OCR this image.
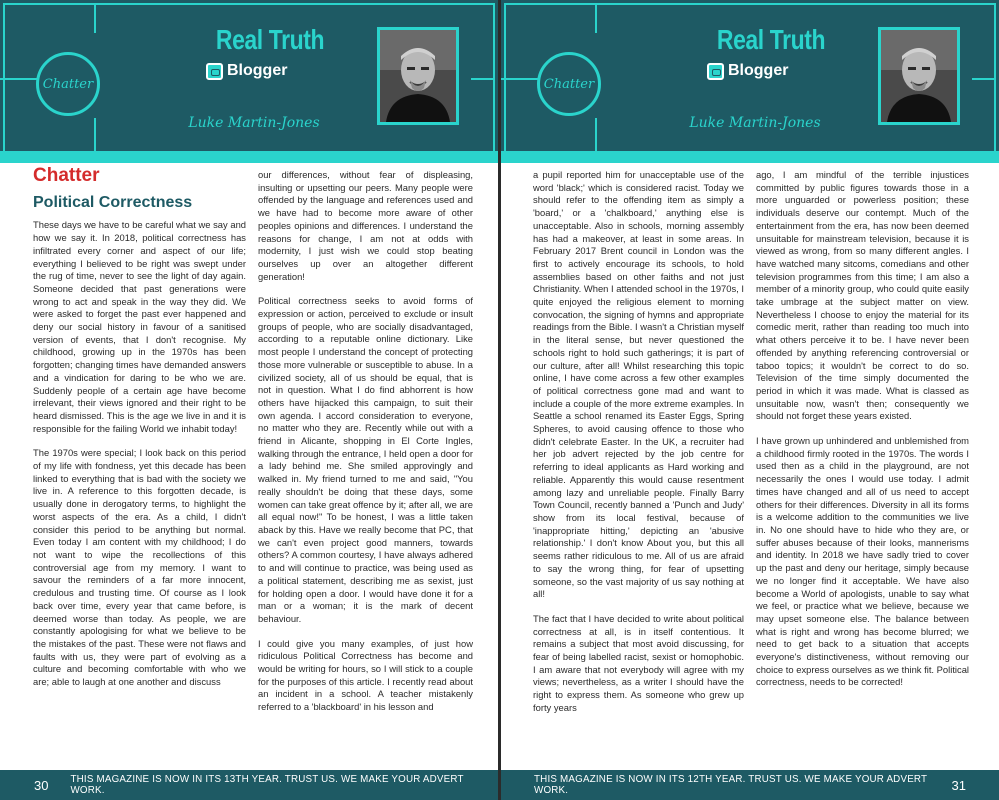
Chatter
Real Truth
Blogger
Luke Martin-Jones
Chatter
Political Correctness

These days we have to be careful what we say and how we say it. In 2018, political correctness has infiltrated every corner and aspect of our life; everything I believed to be right was swept under the rug of time, never to see the light of day again. Someone decided that past generations were wrong to act and speak in the way they did. We were asked to forget the past ever happened and deny our social history in favour of a sanitised version of events, that I don't recognise. My childhood, growing up in the 1970s has been forgotten; changing times have demanded answers and a vindication for daring to be who we are. Suddenly people of a certain age have become irrelevant, their views ignored and their right to be heard dismissed. This is the age we live in and it is responsible for the failing World we inhabit today!

The 1970s were special; I look back on this period of my life with fondness, yet this decade has been linked to everything that is bad with the society we live in. A reference to this forgotten decade, is usually done in derogatory terms, to highlight the worst aspects of the era. As a child, I didn't consider this period to be anything but normal. Even today I am content with my childhood; I do not want to wipe the recollections of this controversial age from my memory. I want to savour the reminders of a far more innocent, credulous and trusting time. Of course as I look back over time, every year that came before, is deemed worse than today. As people, we are constantly apologising for what we believe to be the mistakes of the past. These were not flaws and faults with us, they were part of evolving as a culture and becoming comfortable with who we are; able to laugh at one another and discuss

our differences, without fear of displeasing, insulting or upsetting our peers. Many people were offended by the language and references used and we have had to become more aware of other peoples opinions and differences. I understand the reasons for change, I am not at odds with modernity, I just wish we could stop beating ourselves up over an altogether different generation!

Political correctness seeks to avoid forms of expression or action, perceived to exclude or insult groups of people, who are socially disadvantaged, according to a reputable online dictionary. Like most people I understand the concept of protecting those more vulnerable or susceptible to abuse. In a civilized society, all of us should be equal, that is not in question. What I do find abhorrent is how others have hijacked this campaign, to suit their own agenda. I accord consideration to everyone, no matter who they are. Recently while out with a friend in Alicante, shopping in El Corte Ingles, walking through the entrance, I held open a door for a lady behind me. She smiled approvingly and walked in. My friend turned to me and said, "You really shouldn't be doing that these days, some women can take great offence by it; after all, we are all equal now!" To be honest, I was a little taken aback by this. Have we really become that PC, that we can't even project good manners, towards others? A common courtesy, I have always adhered to and will continue to practice, was being used as a political statement, describing me as sexist, just for holding open a door. I would have done it for a man or a woman; it is the mark of decent behaviour.

I could give you many examples, of just how ridiculous Political Correctness has become and would be writing for hours, so I will stick to a couple for the purposes of this article. I recently read about an incident in a school. A teacher mistakenly referred to a 'blackboard' in his lesson and

30 THIS MAGAZINE IS NOW IN ITS 13TH YEAR. TRUST US. WE MAKE YOUR ADVERT WORK.
Chatter
Real Truth
Blogger
Luke Martin-Jones

a pupil reported him for unacceptable use of the word 'black;' which is considered racist. Today we should refer to the offending item as simply a 'board,' or a 'chalkboard,' anything else is unacceptable. Also in schools, morning assembly has had a makeover, at least in some areas. In February 2017 Brent council in London was the first to actively encourage its schools, to hold assemblies based on other faiths and not just Christianity. When I attended school in the 1970s, I quite enjoyed the religious element to morning convocation, the signing of hymns and appropriate readings from the Bible. I wasn't a Christian myself in the literal sense, but never questioned the schools right to hold such gatherings; it is part of our culture, after all! Whilst researching this topic online, I have come across a few other examples of political correctness gone mad and want to include a couple of the more extreme examples. In Seattle a school renamed its Easter Eggs, Spring Spheres, to avoid causing offence to those who didn't celebrate Easter. In the UK, a recruiter had her job advert rejected by the job centre for referring to ideal applicants as Hard working and reliable. Apparently this would cause resentment among lazy and unreliable people. Finally Barry Town Council, recently banned a 'Punch and Judy' show from its local festival, because of 'inappropriate hitting,' depicting an 'abusive relationship.' I don't know About you, but this all seems rather ridiculous to me. All of us are afraid to say the wrong thing, for fear of upsetting someone, so the vast majority of us say nothing at all!

The fact that I have decided to write about political correctness at all, is in itself contentious. It remains a subject that most avoid discussing, for fear of being labelled racist, sexist or homophobic. I am aware that not everybody will agree with my views; nevertheless, as a writer I should have the right to express them. As someone who grew up forty years

ago, I am mindful of the terrible injustices committed by public figures towards those in a more unguarded or powerless position; these individuals deserve our contempt. Much of the entertainment from the era, has now been deemed unsuitable for mainstream television, because it is viewed as wrong, from so many different angles. I have watched many sitcoms, comedians and other television programmes from this time; I am also a member of a minority group, who could quite easily take umbrage at the subject matter on view. Nevertheless I choose to enjoy the material for its comedic merit, rather than reading too much into what others perceive it to be. I have never been offended by anything referencing controversial or taboo topics; it wouldn't be correct to do so. Television of the time simply documented the period in which it was made. What is classed as unsuitable now, wasn't then; consequently we should not forget these years existed.

I have grown up unhindered and unblemished from a childhood firmly rooted in the 1970s. The words I used then as a child in the playground, are not necessarily the ones I would use today. I admit times have changed and all of us need to accept others for their differences. Diversity in all its forms is a welcome addition to the communities we live in. No one should have to hide who they are, or suffer abuses because of their looks, mannerisms and identity. In 2018 we have sadly tried to cover up the past and deny our heritage, simply because we no longer find it acceptable. We have also become a World of apologists, unable to say what we feel, or practice what we believe, because we may upset someone else. The balance between what is right and wrong has become blurred; we need to get back to a situation that accepts everyone's distinctiveness, without removing our choice to express ourselves as we think fit. Political correctness, needs to be corrected!

THIS MAGAZINE IS NOW IN ITS 12TH YEAR. TRUST US. WE MAKE YOUR ADVERT WORK.	31
